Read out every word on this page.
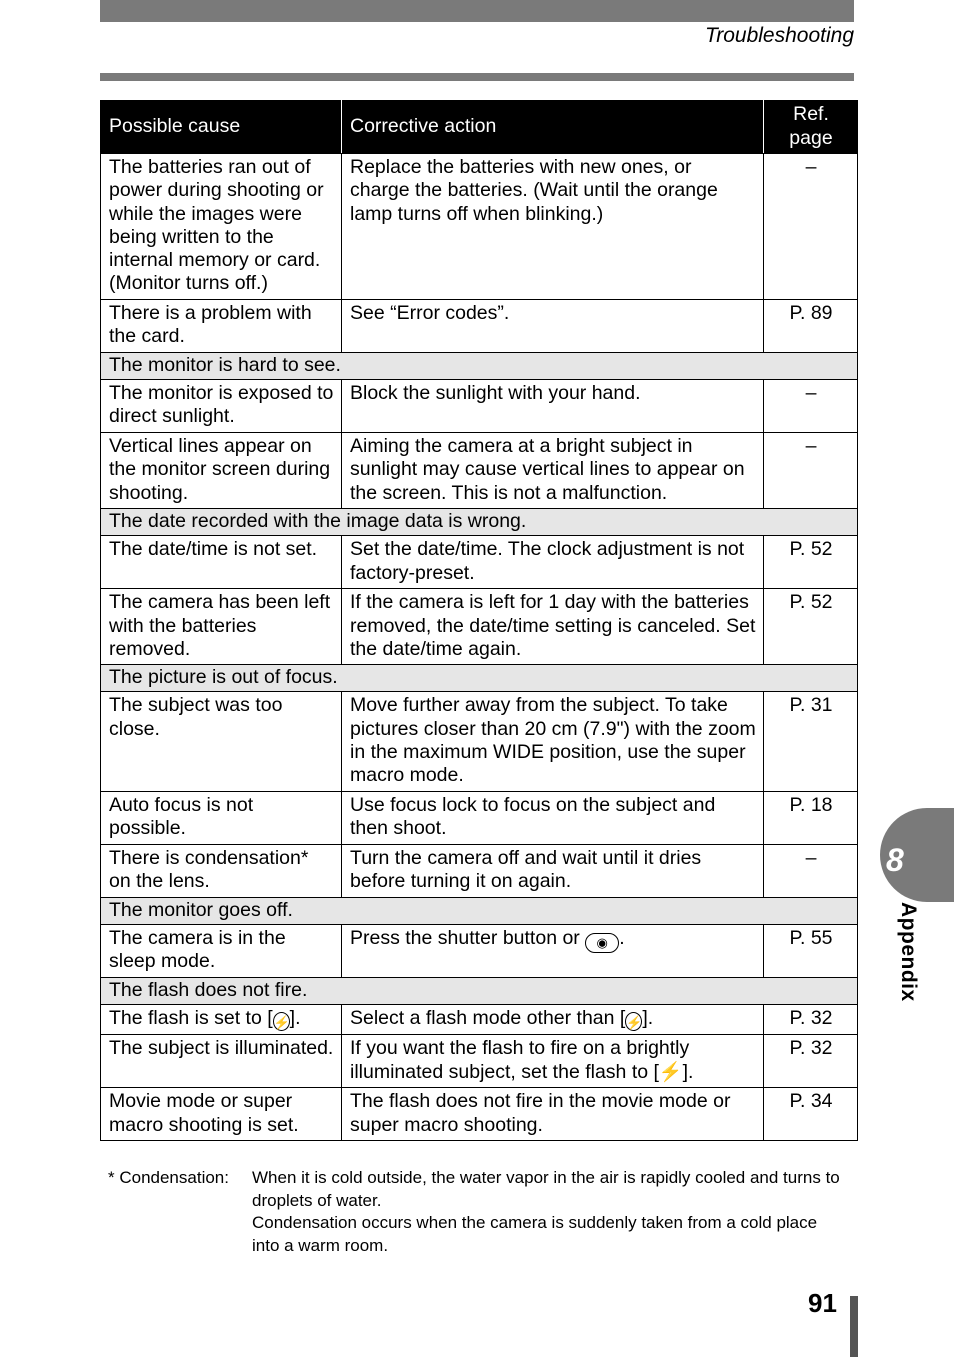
Troubleshooting
Possible cause	Corrective action	Ref. page
The batteries ran out of power during shooting or while the images were being written to the internal memory or card. (Monitor turns off.)	Replace the batteries with new ones, or charge the batteries. (Wait until the orange lamp turns off when blinking.)	–
There is a problem with the card.	See “Error codes”.	P. 89
The monitor is hard to see.		
The monitor is exposed to direct sunlight.	Block the sunlight with your hand.	–
Vertical lines appear on the monitor screen during shooting.	Aiming the camera at a bright subject in sunlight may cause vertical lines to appear on the screen. This is not a malfunction.	–
The date recorded with the image data is wrong.		
The date/time is not set.	Set the date/time. The clock adjustment is not factory-preset.	P. 52
The camera has been left with the batteries removed.	If the camera is left for 1 day with the batteries removed, the date/time setting is canceled. Set the date/time again.	P. 52
The picture is out of focus.		
The subject was too close.	Move further away from the subject. To take pictures closer than 20 cm (7.9") with the zoom in the maximum WIDE position, use the super macro mode.	P. 31
Auto focus is not possible.	Use focus lock to focus on the subject and then shoot.	P. 18
There is condensation* on the lens.	Turn the camera off and wait until it dries before turning it on again.	–
The monitor goes off.		
The camera is in the sleep mode.	Press the shutter button or ◉ .	P. 55
The flash does not fire.		
The flash is set to [⚡].	Select a flash mode other than [⚡].	P. 32
The subject is illuminated.	If you want the flash to fire on a brightly illuminated subject, set the flash to [⚡].	P. 32
Movie mode or super macro shooting is set.	The flash does not fire in the movie mode or super macro shooting.	P. 34
* Condensation: When it is cold outside, the water vapor in the air is rapidly cooled and turns to droplets of water.

Condensation occurs when the camera is suddenly taken from a cold place into a warm room.

8
Appendix
91
